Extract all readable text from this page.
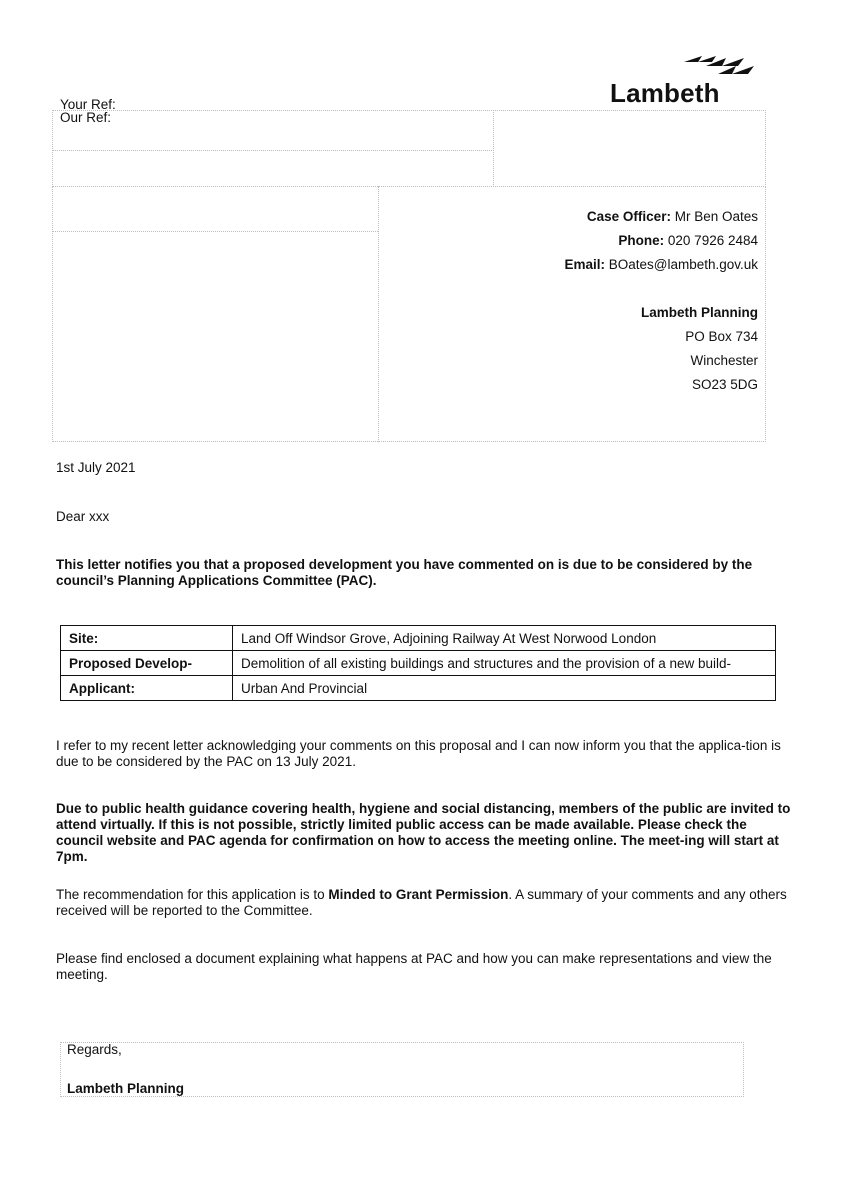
Lambeth
Your Ref:
Our Ref:
Case Officer: Mr Ben Oates
Phone: 020 7926 2484
Email: BOates@lambeth.gov.uk
Lambeth Planning
PO Box 734
Winchester
SO23 5DG
1st July 2021
Dear xxx

This letter notifies you that a proposed development you have commented on is due to be considered by the council’s Planning Applications Committee (PAC).

Site:	Land Off Windsor Grove, Adjoining Railway At West Norwood London
Proposed Develop-	Demolition of all existing buildings and structures and the provision of a new build-
Applicant:	Urban And Provincial

I refer to my recent letter acknowledging your comments on this proposal and I can now inform you that the applica-tion is due to be considered by the PAC on 13 July 2021.

Due to public health guidance covering health, hygiene and social distancing, members of the public are invited to attend virtually. If this is not possible, strictly limited public access can be made available. Please check the council website and PAC agenda for confirmation on how to access the meeting online. The meet-ing will start at 7pm.

The recommendation for this application is to Minded to Grant Permission. A summary of your comments and any others received will be reported to the Committee.

Please find enclosed a document explaining what happens at PAC and how you can make representations and view the meeting.

Regards,
Lambeth Planning
